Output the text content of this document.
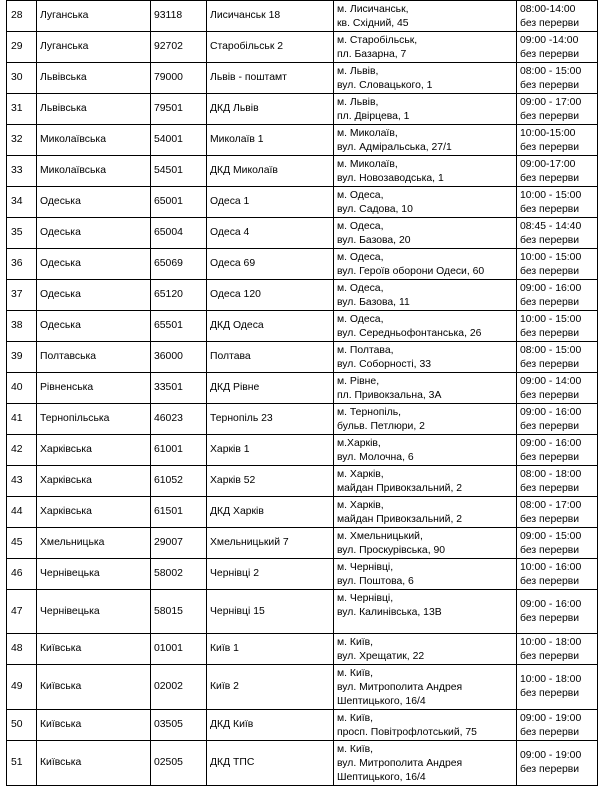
28	Луганська	93118	Лисичанськ 18	м. Лисичанськ,
кв. Східний, 45	08:00-14:00
без перерви

29	Луганська	92702	Старобільськ 2	м. Старобільськ,
пл. Базарна, 7	09:00 -14:00
без перерви

30	Львівська	79000	Львів - поштамт	м. Львів,
вул. Словацького, 1	08:00 - 15:00
без перерви

31	Львівська	79501	ДКД Львів	м. Львів,
пл. Двірцева, 1	09:00 - 17:00
без перерви

32	Миколаївська	54001	Миколаїв 1	м. Миколаїв,
вул. Адміральська, 27/1	10:00-15:00
без перерви

33	Миколаївська	54501	ДКД Миколаїв	м. Миколаїв,
вул. Новозаводська, 1	09:00-17:00
без перерви

34	Одеська	65001	Одеса 1	м. Одеса,
вул. Садова, 10	10:00 - 15:00
без перерви

35	Одеська	65004	Одеса 4	м. Одеса,
вул. Базова, 20	08:45 - 14:40
без перерви

36	Одеська	65069	Одеса 69	м. Одеса,
вул. Героїв оборони Одеси, 60	10:00 - 15:00
без перерви

37	Одеська	65120	Одеса 120	м. Одеса,
вул. Базова, 11	09:00 - 16:00
без перерви

38	Одеська	65501	ДКД Одеса	м. Одеса,
вул. Середньофонтанська, 26	10:00 - 15:00
без перерви

39	Полтавська	36000	Полтава	м. Полтава,
вул. Соборності, 33	08:00 - 15:00
без перерви

40	Рівненська	33501	ДКД Рівне	м. Рівне,
пл. Привокзальна, 3А	09:00 - 14:00
без перерви

41	Тернопільська	46023	Тернопіль 23	м. Тернопіль,
бульв. Петлюри, 2	09:00 - 16:00
без перерви

42	Харківська	61001	Харків 1	м.Харків,
вул. Молочна, 6	09:00 - 16:00
без перерви

43	Харківська	61052	Харків 52	м. Харків,
майдан Привокзальний, 2	08:00 - 18:00
без перерви

44	Харківська	61501	ДКД Харків	м. Харків,
майдан Привокзальний, 2	08:00 - 17:00
без перерви

45	Хмельницька	29007	Хмельницький 7	м. Хмельницький,
вул. Проскурівська, 90	09:00 - 15:00
без перерви

46	Чернівецька	58002	Чернівці 2	м. Чернівці,
вул. Поштова, 6	10:00 - 16:00
без перерви

47	Чернівецька	58015	Чернівці 15	м. Чернівці,
вул. Калинівська, 13В	09:00 - 16:00
без перерви

48	Київська	01001	Київ 1	м. Київ,
вул. Хрещатик, 22	10:00 - 18:00
без перерви

49	Київська	02002	Київ 2	м. Київ,
вул. Митрополита Андрея
Шептицького, 16/4	10:00 - 18:00
без перерви

50	Київська	03505	ДКД Київ	м. Київ,
просп. Повітрофлотський, 75	09:00 - 19:00
без перерви

51	Київська	02505	ДКД ТПС	м. Київ,
вул. Митрополита Андрея
Шептицького, 16/4	09:00 - 19:00
без перерви
